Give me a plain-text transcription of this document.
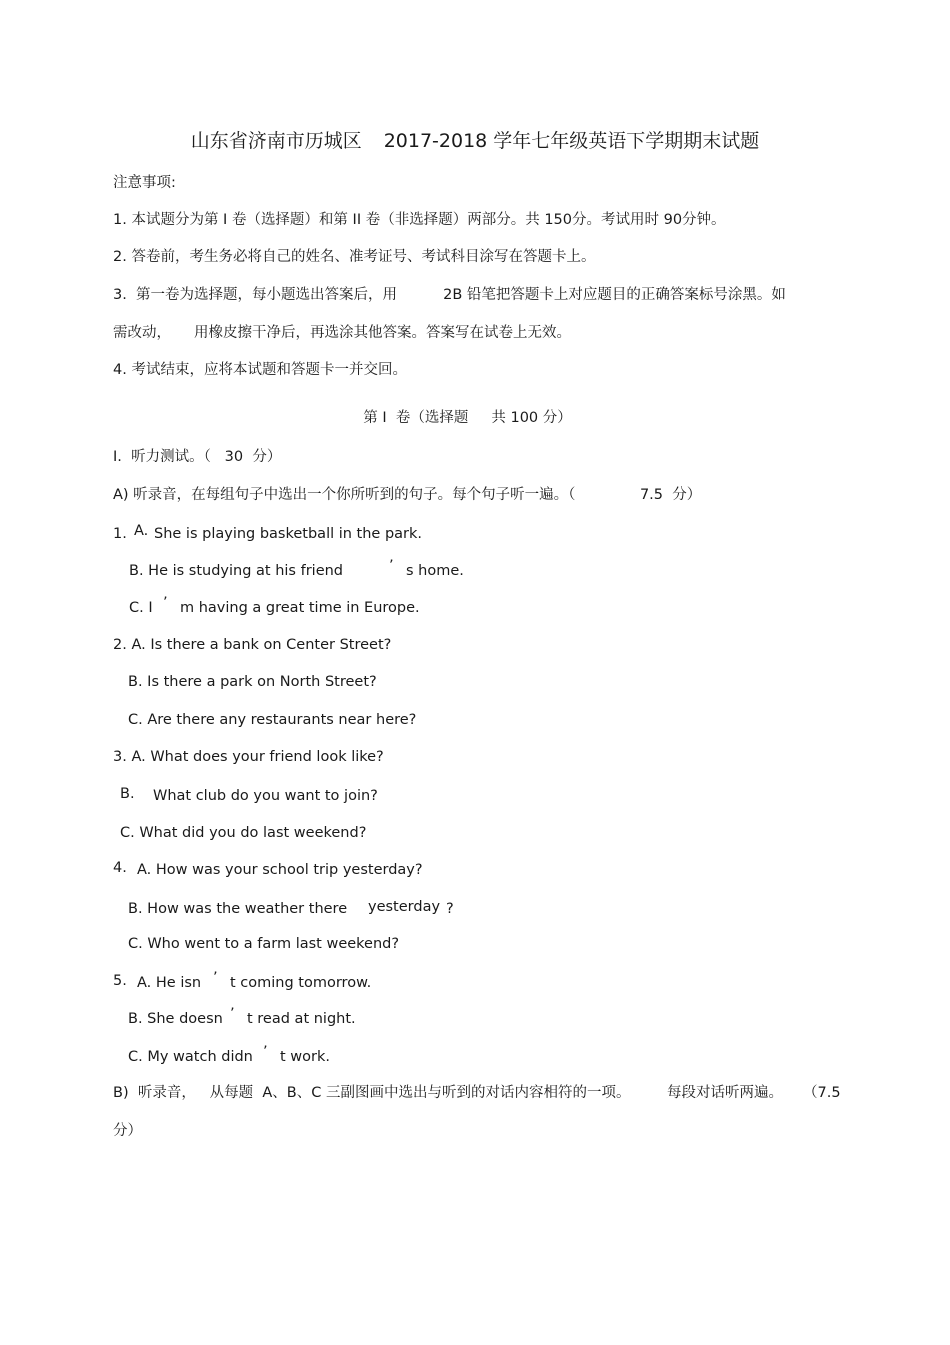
山东省济南市历城区 2017-2018 学年七年级英语下学期期末试题
注意事项:
1. 本试题分为第 I 卷（选择题）和第 II 卷（非选择题）两部分。共 150分。考试用时 90分钟。
2. 答卷前，考生务必将自己的姓名、准考证号、考试科目涂写在答题卡上。
3.  第一卷为选择题，每小题选出答案后，用          2B 铅笔把答题卡上对应题目的正确答案标号涂黑。如
需改动，     用橡皮擦干净后，再选涂其他答案。答案写在试卷上无效。
4. 考试结束，应将本试题和答题卡一并交回。
第 I  卷（选择题     共 100 分）
I.  听力测试。（   30  分）
A) 听录音，在每组句子中选出一个你所听到的句子。每个句子听一遍。（              7.5  分）
1. A. She is playing basketball in the park.
B. He is studying at his friend	’ s home.
C. I ’ m having a great time in Europe.
2. A. Is there a bank on Center Street?
B. Is there a park on North Street?
C. Are there any restaurants near here?
3. A. What does your friend look like?
B. What club do you want to join?
C. What did you do last weekend?
4. A. How was your school trip yesterday?
B. How was the weather there yesterday ?
C. Who went to a farm last weekend?
5. A. He isn ’ t coming tomorrow.
B. She doesn ’ t read at night.
C. My watch didn ’ t work.
B)  听录音，   从每题  A、B、C 三副图画中选出与听到的对话内容相符的一项。	每段对话听两遍。 （7.5
分）
